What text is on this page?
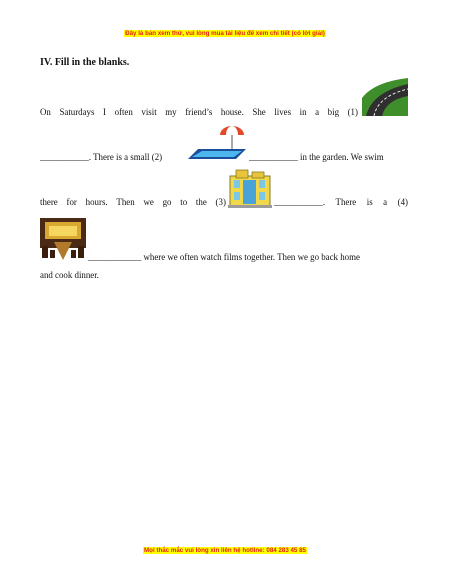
Đây là bản xem thử, vui lòng mua tài liệu để xem chi tiết (có lời giải)
IV. Fill in the blanks.
On Saturdays I often visit my friend’s house. She lives in a big (1)
___________. There is a small (2)	___________ in the garden. We swim
there for hours. Then we go to the (3)	___________. There is a (4)
____________ where we often watch films together. Then we go back home
and cook dinner.
Mọi thắc mắc vui lòng xin liên hệ hotline: 084 283 45 85
